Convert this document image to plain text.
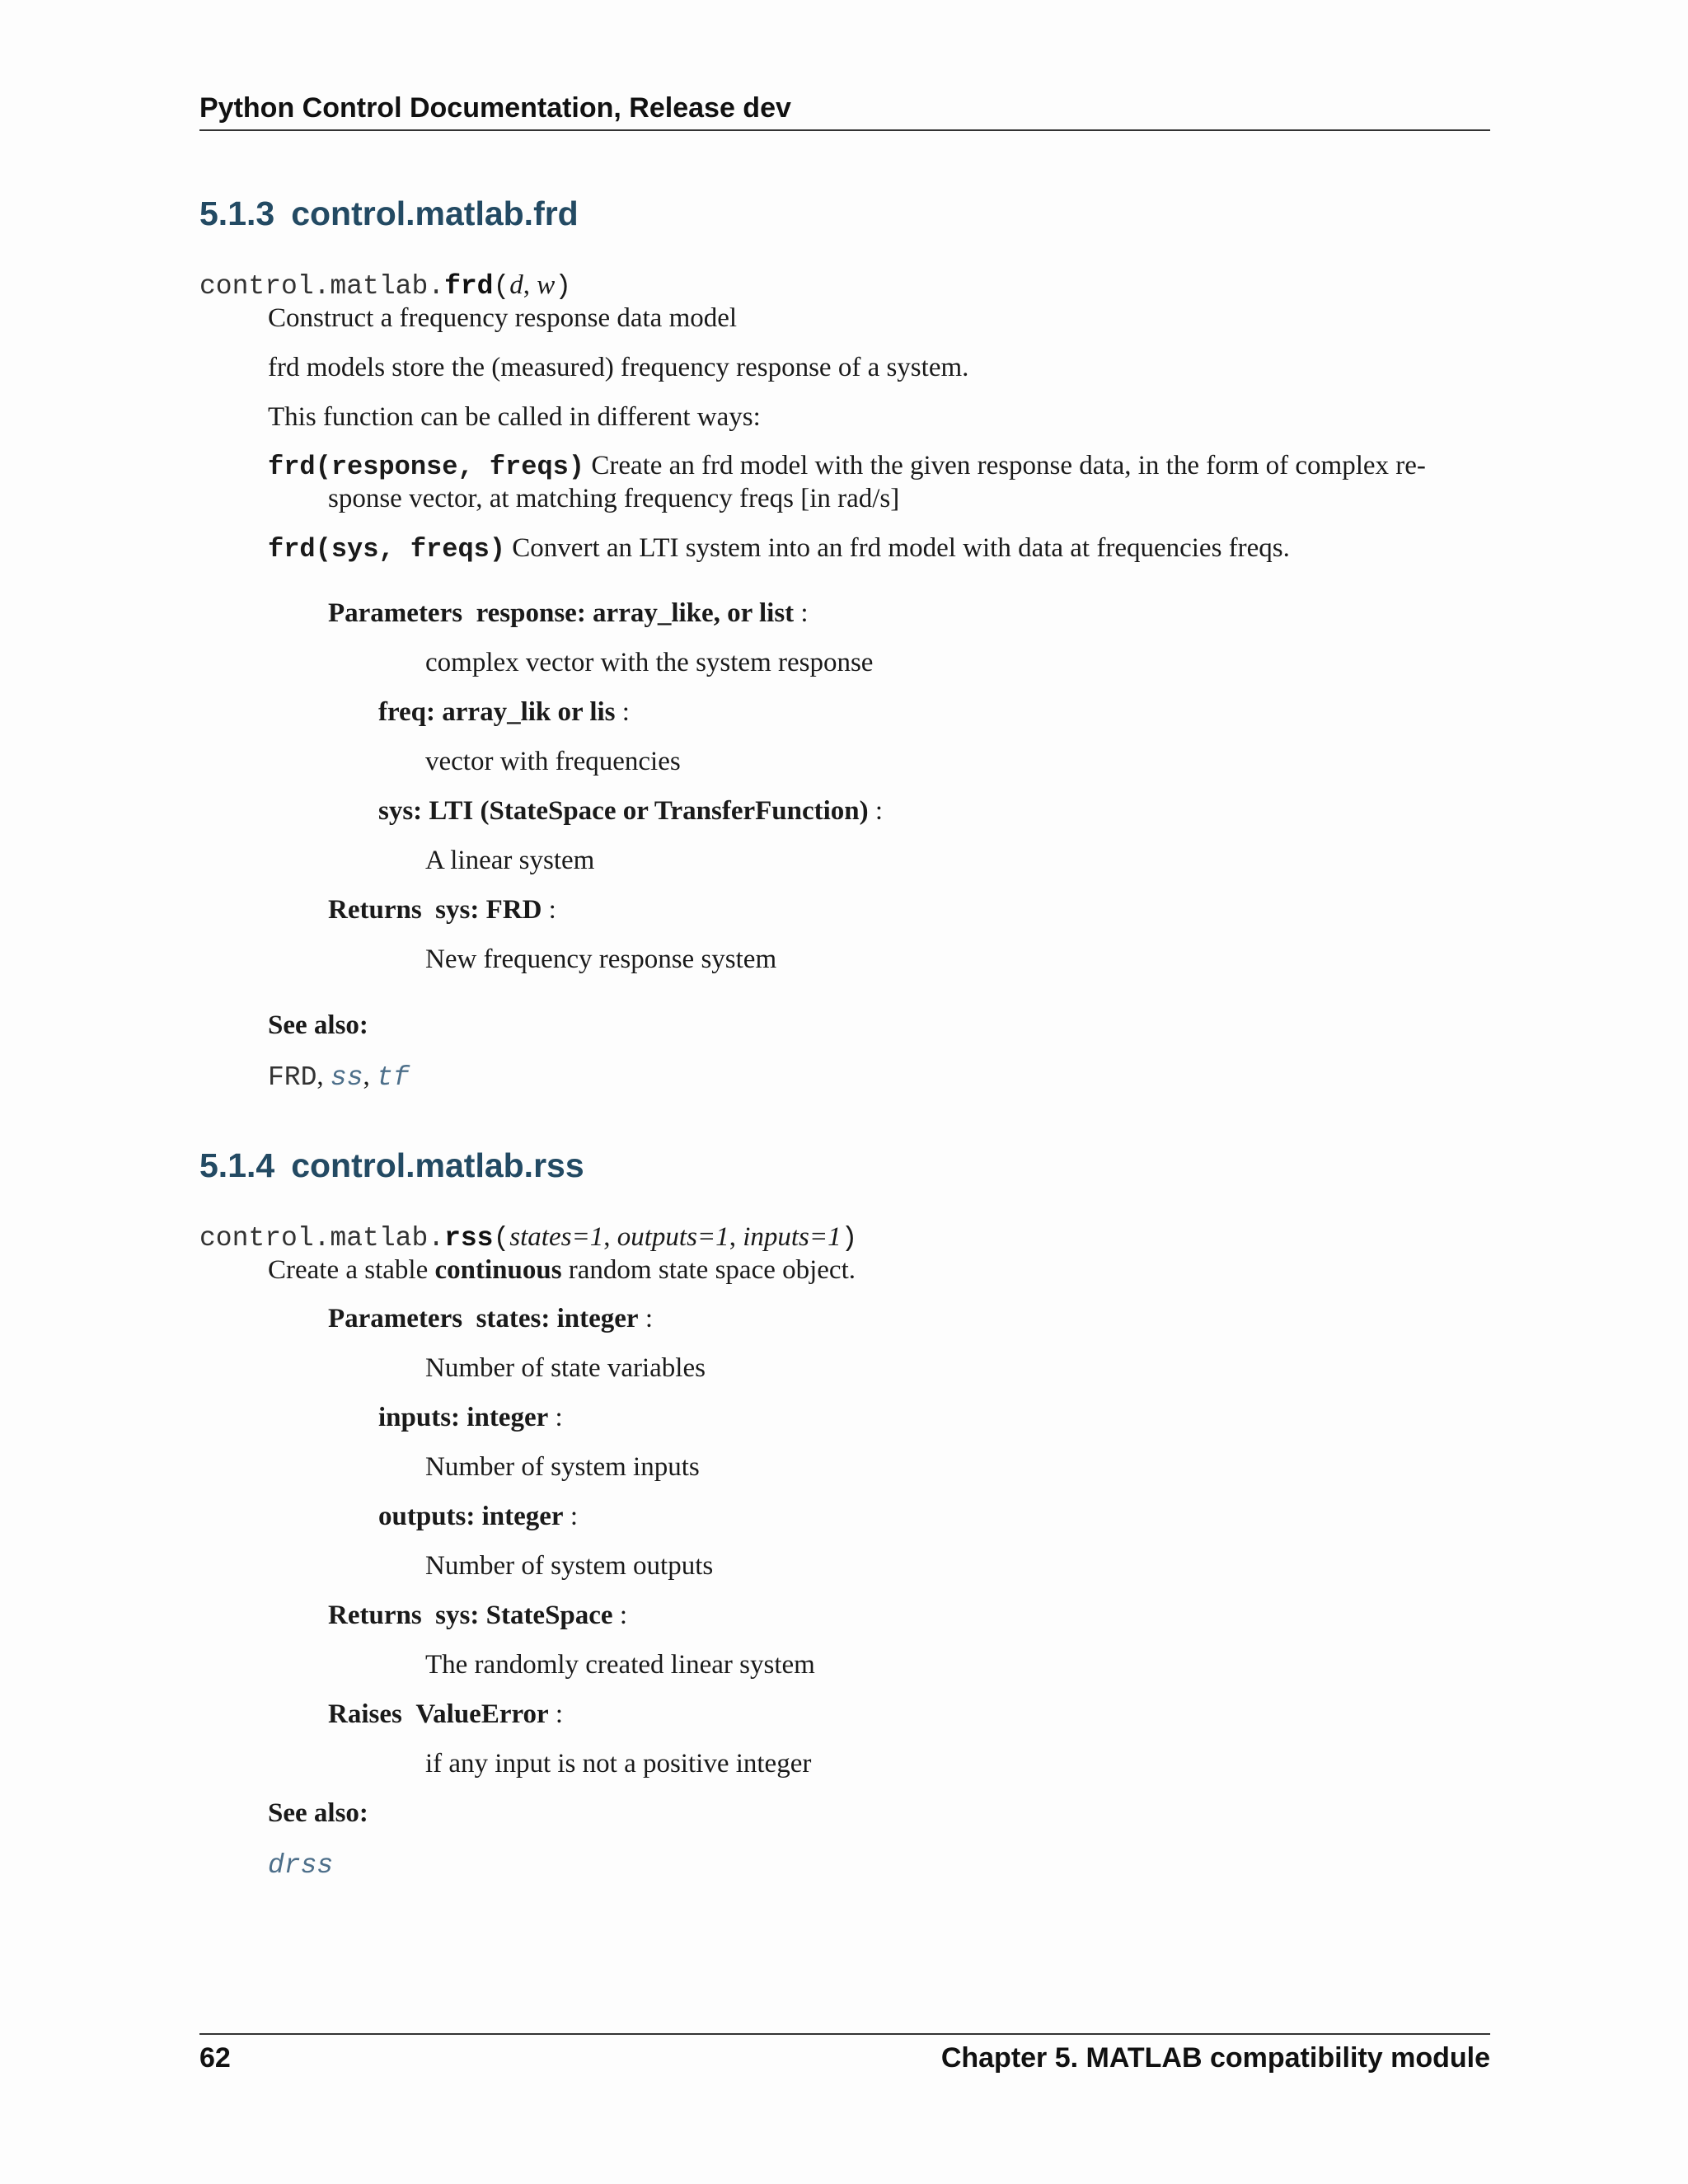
Python Control Documentation, Release dev
5.1.3 control.matlab.frd
control.matlab.frd(d, w)
Construct a frequency response data model
frd models store the (measured) frequency response of a system.
This function can be called in different ways:
frd(response, freqs) Create an frd model with the given response data, in the form of complex re-
sponse vector, at matching frequency freqs [in rad/s]
frd(sys, freqs) Convert an LTI system into an frd model with data at frequencies freqs.
Parameters response: array_like, or list :
complex vector with the system response
freq: array_lik or lis :
vector with frequencies
sys: LTI (StateSpace or TransferFunction) :
A linear system
Returns sys: FRD :
New frequency response system
See also:
FRD, ss, tf
5.1.4 control.matlab.rss
control.matlab.rss(states=1, outputs=1, inputs=1)
Create a stable continuous random state space object.
Parameters states: integer :
Number of state variables
inputs: integer :
Number of system inputs
outputs: integer :
Number of system outputs
Returns sys: StateSpace :
The randomly created linear system
Raises ValueError :
if any input is not a positive integer
See also:
drss
62	Chapter 5. MATLAB compatibility module
